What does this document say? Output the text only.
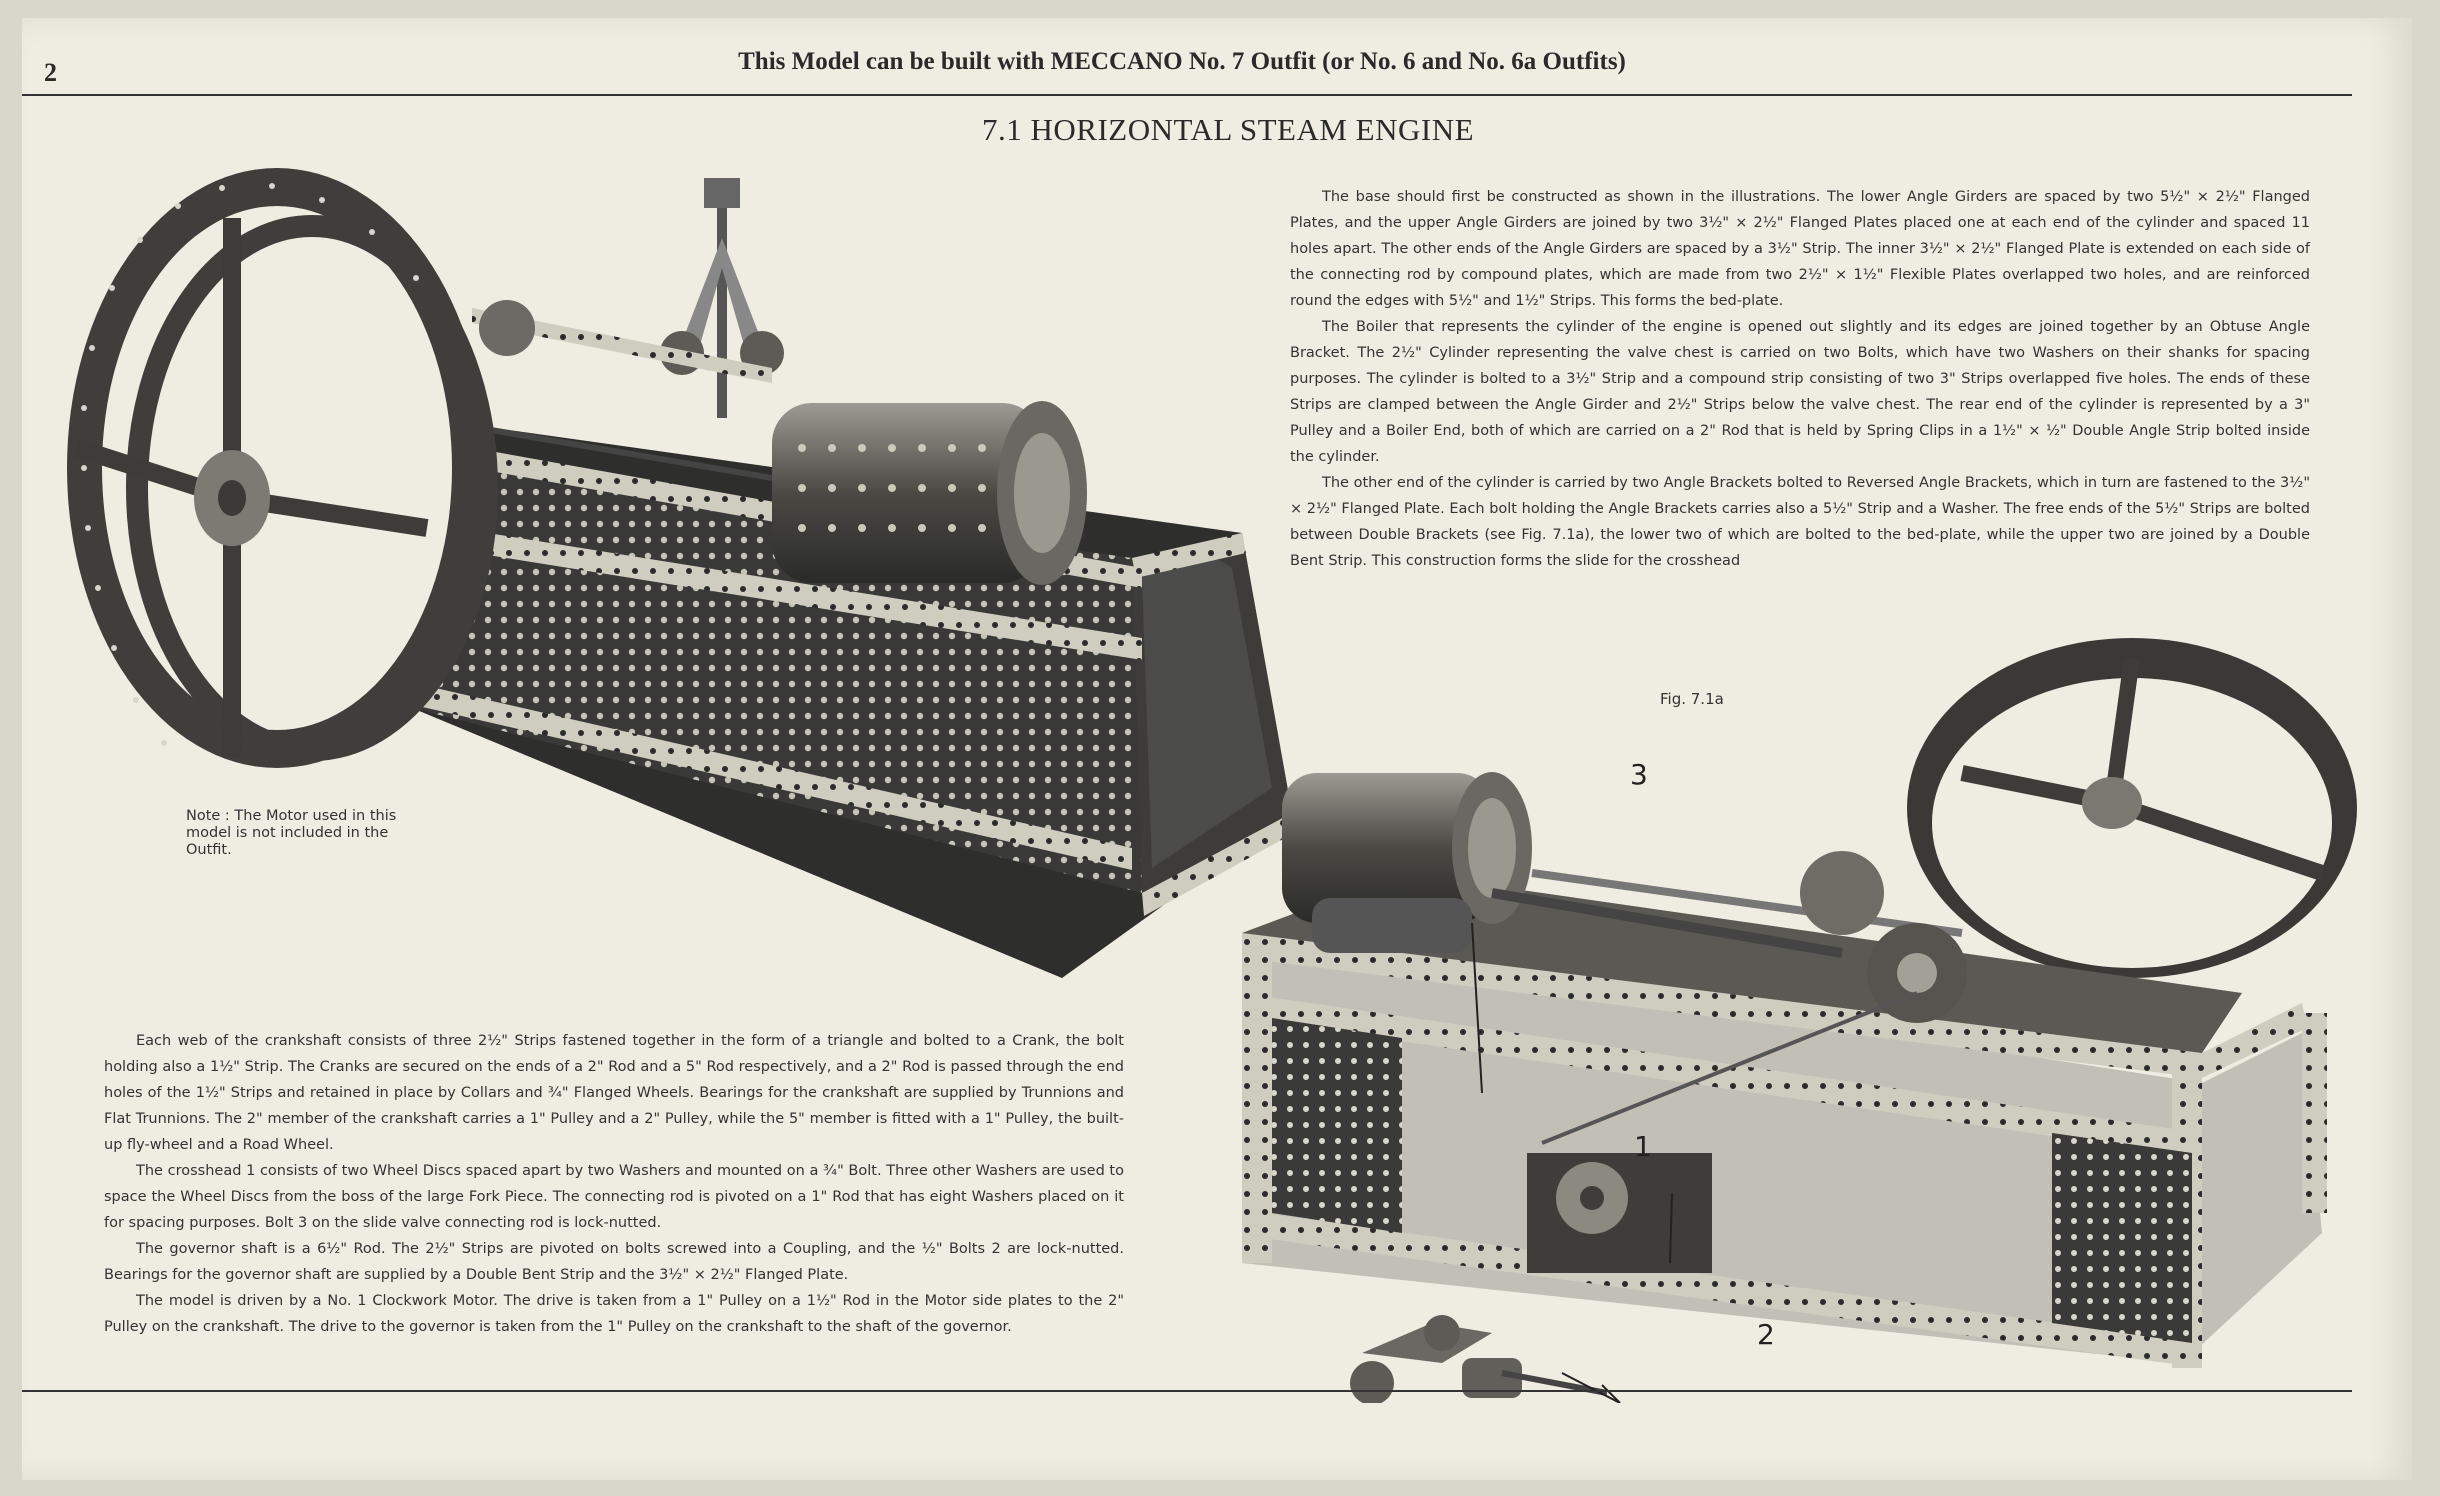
2	This Model can be built with MECCANO No. 7 Outfit (or No. 6 and No. 6a Outfits)
7.1 HORIZONTAL STEAM ENGINE

The base should first be constructed as shown in the illustrations. The lower Angle Girders are spaced by two 5½" × 2½" Flanged Plates, and the upper Angle Girders are joined by two 3½" × 2½" Flanged Plates placed one at each end of the cylinder and spaced 11 holes apart. The other ends of the Angle Girders are spaced by a 3½" Strip. The inner 3½" × 2½" Flanged Plate is extended on each side of the connecting rod by compound plates, which are made from two 2½" × 1½" Flexible Plates overlapped two holes, and are reinforced round the edges with 5½" and 1½" Strips. This forms the bed-plate.

The Boiler that represents the cylinder of the engine is opened out slightly and its edges are joined together by an Obtuse Angle Bracket. The 2½" Cylinder representing the valve chest is carried on two Bolts, which have two Washers on their shanks for spacing purposes. The cylinder is bolted to a 3½" Strip and a compound strip consisting of two 3" Strips overlapped five holes. The ends of these Strips are clamped between the Angle Girder and 2½" Strips below the valve chest. The rear end of the cylinder is represented by a 3" Pulley and a Boiler End, both of which are carried on a 2" Rod that is held by Spring Clips in a 1½" × ½" Double Angle Strip bolted inside the cylinder.

The other end of the cylinder is carried by two Angle Brackets bolted to Reversed Angle Brackets, which in turn are fastened to the 3½" × 2½" Flanged Plate. Each bolt holding the Angle Brackets carries also a 5½" Strip and a Washer. The free ends of the 5½" Strips are bolted between Double Brackets (see Fig. 7.1a), the lower two of which are bolted to the bed-plate, while the upper two are joined by a Double Bent Strip. This construction forms the slide for the crosshead

Note : The Motor used in this model is not included in the Outfit.
Fig. 7.1a
3
1
2

Each web of the crankshaft consists of three 2½" Strips fastened together in the form of a triangle and bolted to a Crank, the bolt holding also a 1½" Strip. The Cranks are secured on the ends of a 2" Rod and a 5" Rod respectively, and a 2" Rod is passed through the end holes of the 1½" Strips and retained in place by Collars and ¾" Flanged Wheels. Bearings for the crankshaft are supplied by Trunnions and Flat Trunnions. The 2" member of the crankshaft carries a 1" Pulley and a 2" Pulley, while the 5" member is fitted with a 1" Pulley, the built-up fly-wheel and a Road Wheel.

The crosshead 1 consists of two Wheel Discs spaced apart by two Washers and mounted on a ¾" Bolt. Three other Washers are used to space the Wheel Discs from the boss of the large Fork Piece. The connecting rod is pivoted on a 1" Rod that has eight Washers placed on it for spacing purposes. Bolt 3 on the slide valve connecting rod is lock-nutted.

The governor shaft is a 6½" Rod. The 2½" Strips are pivoted on bolts screwed into a Coupling, and the ½" Bolts 2 are lock-nutted. Bearings for the governor shaft are supplied by a Double Bent Strip and the 3½" × 2½" Flanged Plate.

The model is driven by a No. 1 Clockwork Motor. The drive is taken from a 1" Pulley on a 1½" Rod in the Motor side plates to the 2" Pulley on the crankshaft. The drive to the governor is taken from the 1" Pulley on the crankshaft to the shaft of the governor.
